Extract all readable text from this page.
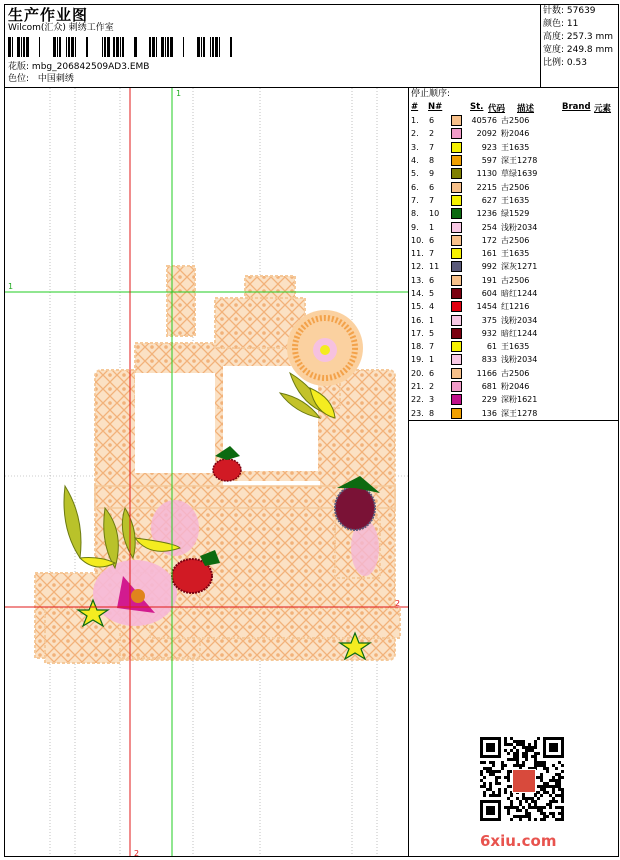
生产作业图
Wilcom(汇众) 刺绣工作室
花版: mbg_206842509AD3.EMB
色位: 中国刺绣
针数: 57639
颜色: 11
高度: 257.3 mm
宽度: 249.8 mm
比例: 0.53
停止顺序:
# N#	St. 代码 描述	Brand 元素
1.	6		40576	古2506
2.	2		2092	粉2046
3.	7		923	王1635
4.	8		597	深王1278
5.	9		1130	草绿1639
6.	6		2215	古2506
7.	7		627	王1635
8.	10		1236	绿1529
9.	1		254	浅粉2034
10.	6		172	古2506
11.	7		161	王1635
12.	11		992	深灰1271
13.	6		191	古2506
14.	5		604	暗红1244
15.	4		1454	红1216
16.	1		375	浅粉2034
17.	5		932	暗红1244
18.	7		61	王1635
19.	1		833	浅粉2034
20.	6		1166	古2506
21.	2		681	粉2046
22.	3		229	深粉1621
23.	8		136	深王1278
6xiu.com
1
1
2
2
